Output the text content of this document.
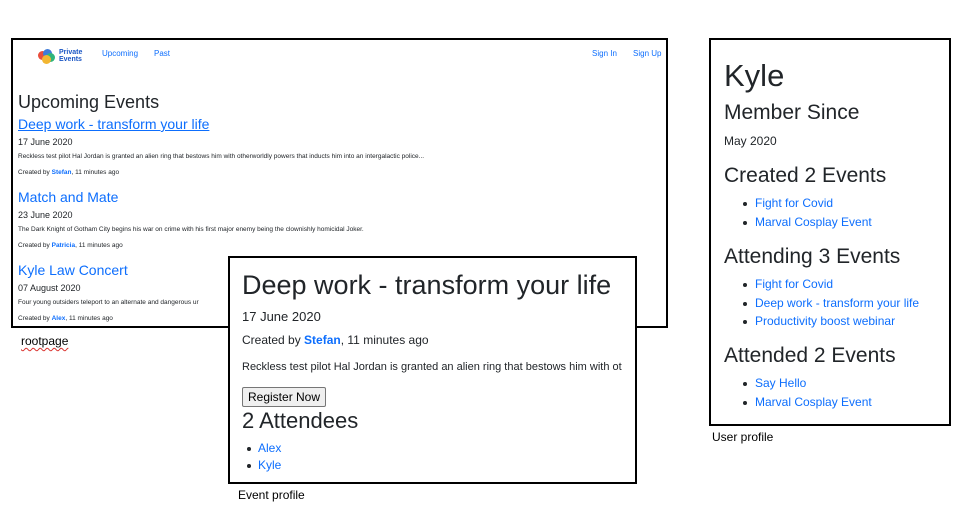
Private
Events
Upcoming Past	Sign In Sign Up
Upcoming Events
Deep work - transform your life
17 June 2020
Reckless test pilot Hal Jordan is granted an alien ring that bestows him with otherworldly powers that inducts him into an intergalactic police...
Created by Stefan, 11 minutes ago
Match and Mate
23 June 2020
The Dark Knight of Gotham City begins his war on crime with his first major enemy being the clownishly homicidal Joker.
Created by Patricia, 11 minutes ago
Kyle Law Concert
07 August 2020
Four young outsiders teleport to an alternate and dangerous ur
Created by Alex, 11 minutes ago
rootpage
Kyle
Member Since
May 2020
Created 2 Events
Fight for Covid
Marval Cosplay Event
Attending 3 Events
Fight for Covid
Deep work - transform your life
Productivity boost webinar
Attended 2 Events
Say Hello
Marval Cosplay Event
User profile
Deep work - transform your life
17 June 2020
Created by Stefan, 11 minutes ago
Reckless test pilot Hal Jordan is granted an alien ring that bestows him with ot
Register Now
2 Attendees
Alex
Kyle
Event profile
